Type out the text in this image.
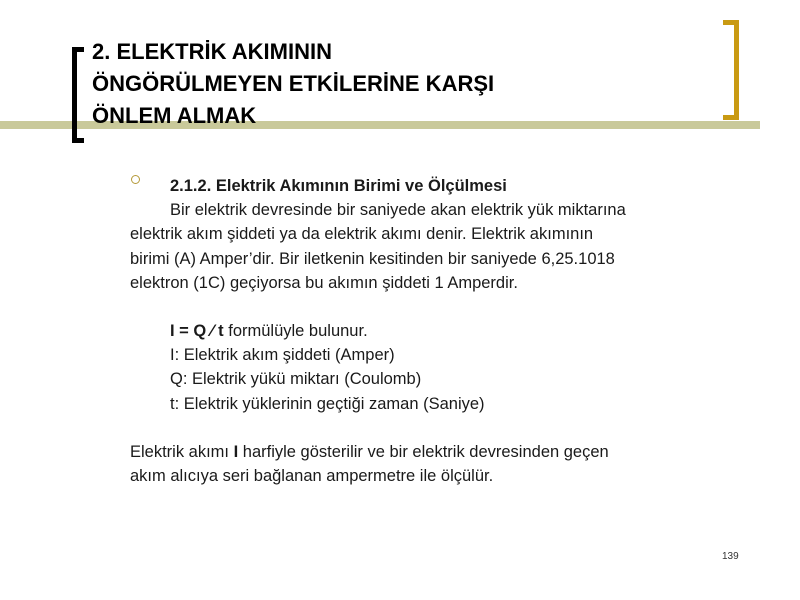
2. ELEKTRİK AKIMININ
ÖNGÖRÜLMEYEN ETKİLERİNE KARŞI
ÖNLEM ALMAK
2.1.2. Elektrik Akımının Birimi ve Ölçülmesi
Bir elektrik devresinde bir saniyede akan elektrik yük miktarına
elektrik akım şiddeti ya da elektrik akımı denir. Elektrik akımının
birimi (A) Amper’dir. Bir iletkenin kesitinden bir saniyede 6,25.1018
elektron (1C) geçiyorsa bu akımın şiddeti 1 Amperdir.
I = Q ⁄ t formülüyle bulunur.
I: Elektrik akım şiddeti (Amper)
Q: Elektrik yükü miktarı (Coulomb)
t: Elektrik yüklerinin geçtiği zaman (Saniye)
Elektrik akımı I harfiyle gösterilir ve bir elektrik devresinden geçen
akım alıcıya seri bağlanan ampermetre ile ölçülür.
139
